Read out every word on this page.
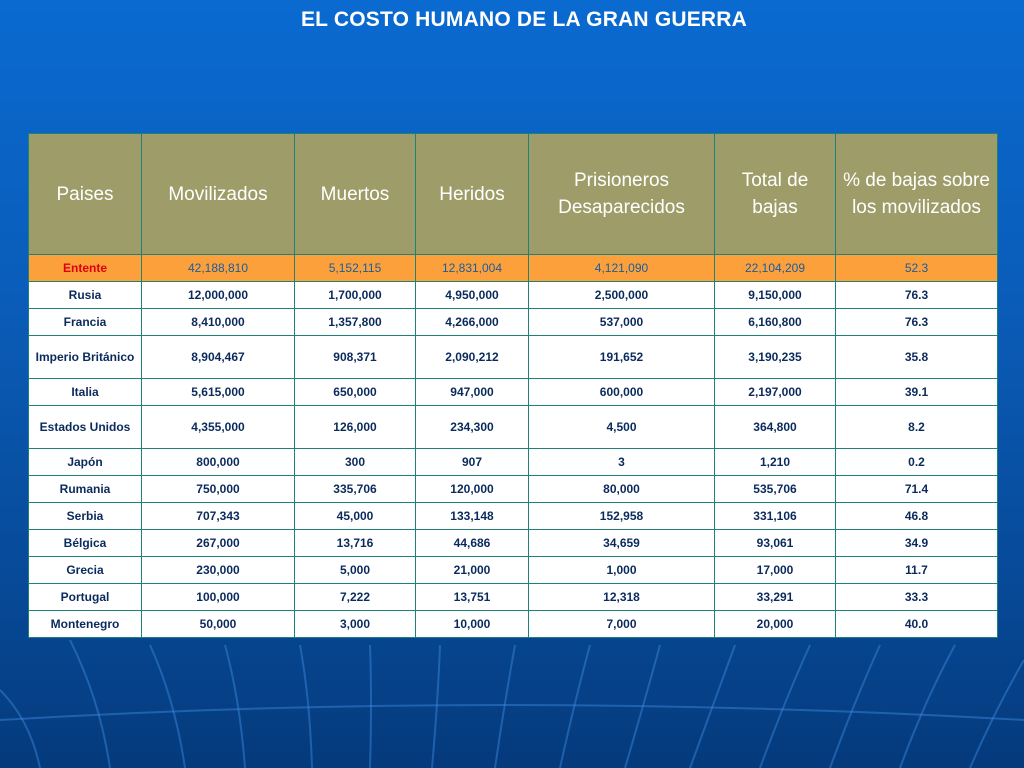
EL COSTO HUMANO DE LA GRAN GUERRA
Paises	Movilizados	Muertos	Heridos	Prisioneros Desaparecidos	Total de bajas	% de bajas sobre los movilizados
Entente	42,188,810	5,152,115	12,831,004	4,121,090	22,104,209	52.3
Rusia	12,000,000	1,700,000	4,950,000	2,500,000	9,150,000	76.3
Francia	8,410,000	1,357,800	4,266,000	537,000	6,160,800	76.3
Imperio Británico	8,904,467	908,371	2,090,212	191,652	3,190,235	35.8
Italia	5,615,000	650,000	947,000	600,000	2,197,000	39.1
Estados Unidos	4,355,000	126,000	234,300	4,500	364,800	8.2
Japón	800,000	300	907	3	1,210	0.2
Rumania	750,000	335,706	120,000	80,000	535,706	71.4
Serbia	707,343	45,000	133,148	152,958	331,106	46.8
Bélgica	267,000	13,716	44,686	34,659	93,061	34.9
Grecia	230,000	5,000	21,000	1,000	17,000	11.7
Portugal	100,000	7,222	13,751	12,318	33,291	33.3
Montenegro	50,000	3,000	10,000	7,000	20,000	40.0
